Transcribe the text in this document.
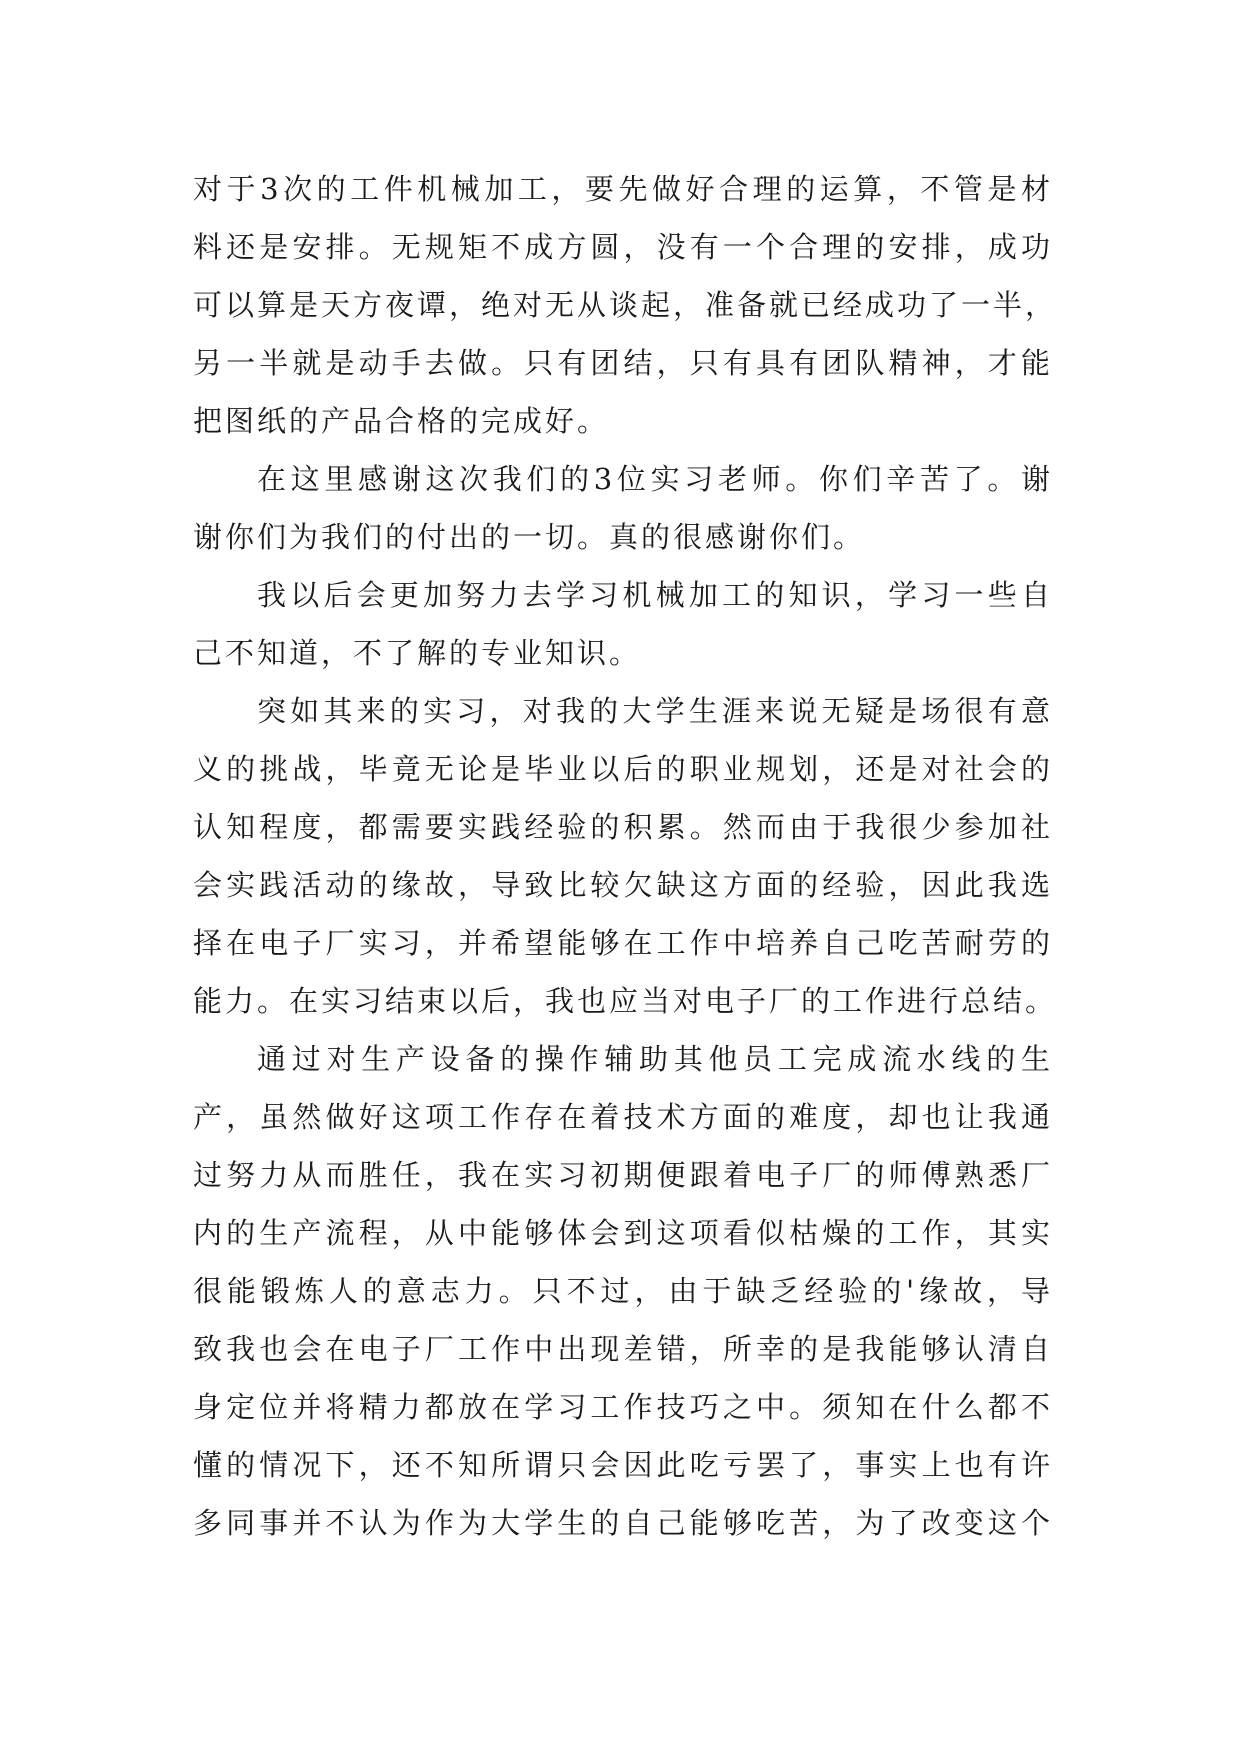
对于3次的工件机械加工，要先做好合理的运算，不管是材
料还是安排。无规矩不成方圆，没有一个合理的安排，成功
可以算是天方夜谭，绝对无从谈起，准备就已经成功了一半，
另一半就是动手去做。只有团结，只有具有团队精神，才能
把图纸的产品合格的完成好。
在这里感谢这次我们的3位实习老师。你们辛苦了。谢
谢你们为我们的付出的一切。真的很感谢你们。
我以后会更加努力去学习机械加工的知识，学习一些自
己不知道，不了解的专业知识。
突如其来的实习，对我的大学生涯来说无疑是场很有意
义的挑战，毕竟无论是毕业以后的职业规划，还是对社会的
认知程度，都需要实践经验的积累。然而由于我很少参加社
会实践活动的缘故，导致比较欠缺这方面的经验，因此我选
择在电子厂实习，并希望能够在工作中培养自己吃苦耐劳的
能力。在实习结束以后，我也应当对电子厂的工作进行总结。
通过对生产设备的操作辅助其他员工完成流水线的生
产，虽然做好这项工作存在着技术方面的难度，却也让我通
过努力从而胜任，我在实习初期便跟着电子厂的师傅熟悉厂
内的生产流程，从中能够体会到这项看似枯燥的工作，其实
很能锻炼人的意志力。只不过，由于缺乏经验的'缘故，导
致我也会在电子厂工作中出现差错，所幸的是我能够认清自
身定位并将精力都放在学习工作技巧之中。须知在什么都不
懂的情况下，还不知所谓只会因此吃亏罢了，事实上也有许
多同事并不认为作为大学生的自己能够吃苦，为了改变这个
